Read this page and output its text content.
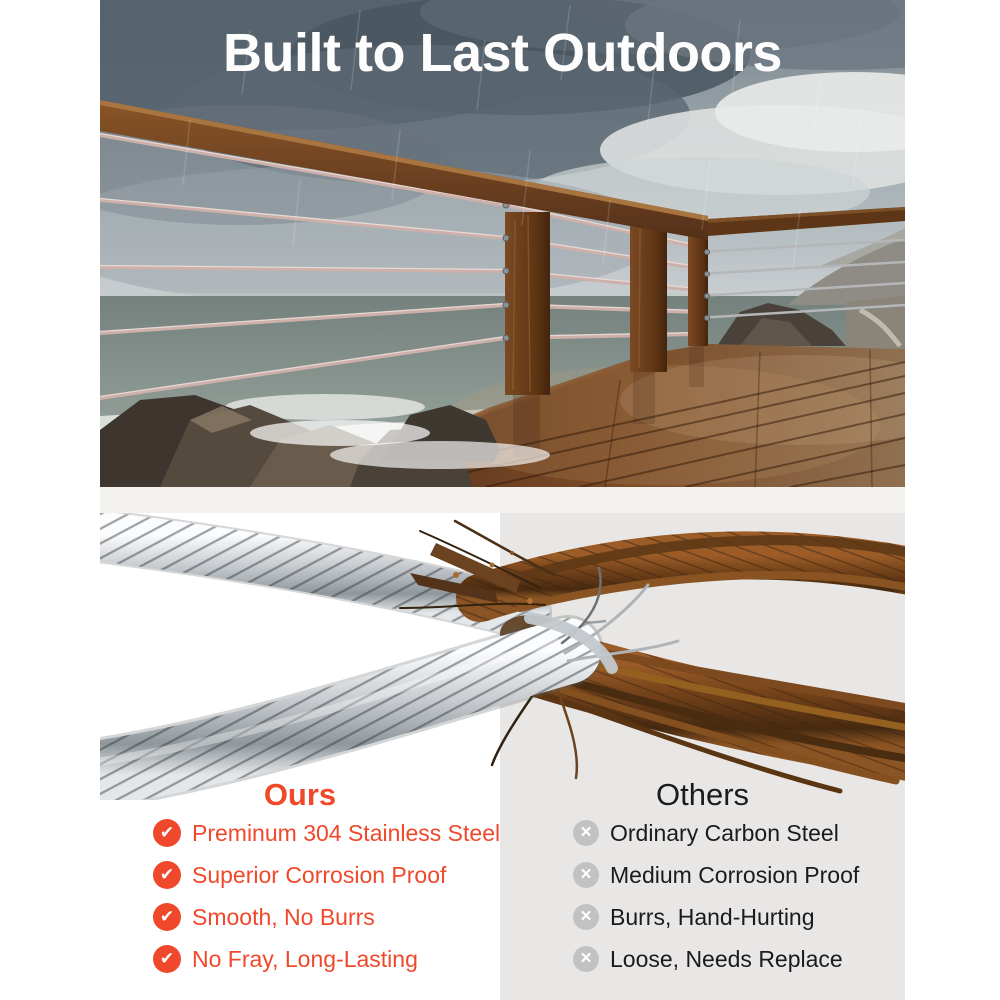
Built to Last Outdoors
Ours
✔ Preminum 304 Stainless Steel
✔ Superior Corrosion Proof
✔ Smooth, No Burrs
✔ No Fray, Long-Lasting
Others
× Ordinary Carbon Steel
× Medium Corrosion Proof
× Burrs, Hand-Hurting
× Loose, Needs Replace
